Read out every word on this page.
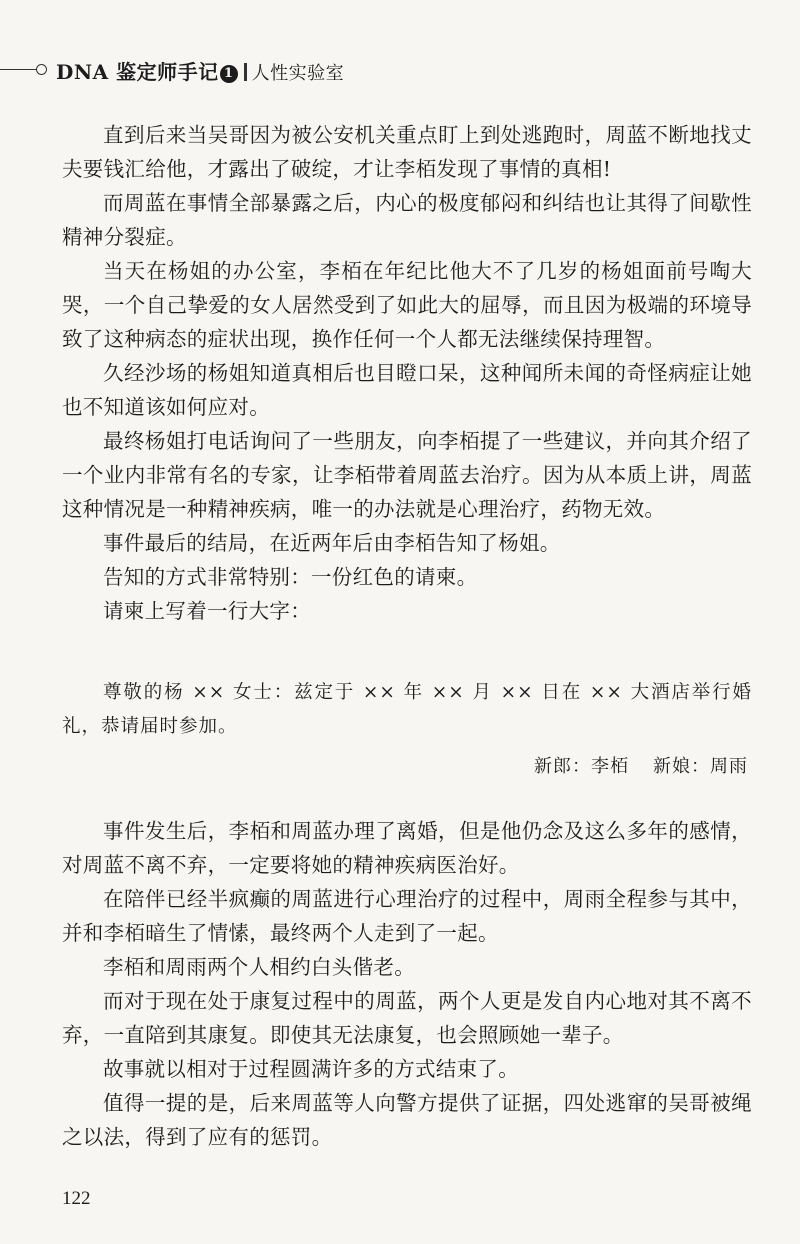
DNA 鉴定师手记 1 人性实验室

直到后来当吴哥因为被公安机关重点盯上到处逃跑时，周蓝不断地找丈夫要钱汇给他，才露出了破绽，才让李栢发现了事情的真相!

而周蓝在事情全部暴露之后，内心的极度郁闷和纠结也让其得了间歇性精神分裂症。

当天在杨姐的办公室，李栢在年纪比他大不了几岁的杨姐面前号啕大哭，一个自己挚爱的女人居然受到了如此大的屈辱，而且因为极端的环境导致了这种病态的症状出现，换作任何一个人都无法继续保持理智。

久经沙场的杨姐知道真相后也目瞪口呆，这种闻所未闻的奇怪病症让她也不知道该如何应对。

最终杨姐打电话询问了一些朋友，向李栢提了一些建议，并向其介绍了一个业内非常有名的专家，让李栢带着周蓝去治疗。因为从本质上讲，周蓝这种情况是一种精神疾病，唯一的办法就是心理治疗，药物无效。

事件最后的结局，在近两年后由李栢告知了杨姐。

告知的方式非常特别：一份红色的请柬。

请柬上写着一行大字：

尊敬的杨 ×× 女士：兹定于 ×× 年 ×× 月 ×× 日在 ×× 大酒店举行婚礼，恭请届时参加。

新郎：李栢 新娘：周雨

事件发生后，李栢和周蓝办理了离婚，但是他仍念及这么多年的感情，对周蓝不离不弃，一定要将她的精神疾病医治好。

在陪伴已经半疯癫的周蓝进行心理治疗的过程中，周雨全程参与其中，并和李栢暗生了情愫，最终两个人走到了一起。

李栢和周雨两个人相约白头偕老。

而对于现在处于康复过程中的周蓝，两个人更是发自内心地对其不离不弃，一直陪到其康复。即使其无法康复，也会照顾她一辈子。

故事就以相对于过程圆满许多的方式结束了。

值得一提的是，后来周蓝等人向警方提供了证据，四处逃窜的吴哥被绳之以法，得到了应有的惩罚。

122
